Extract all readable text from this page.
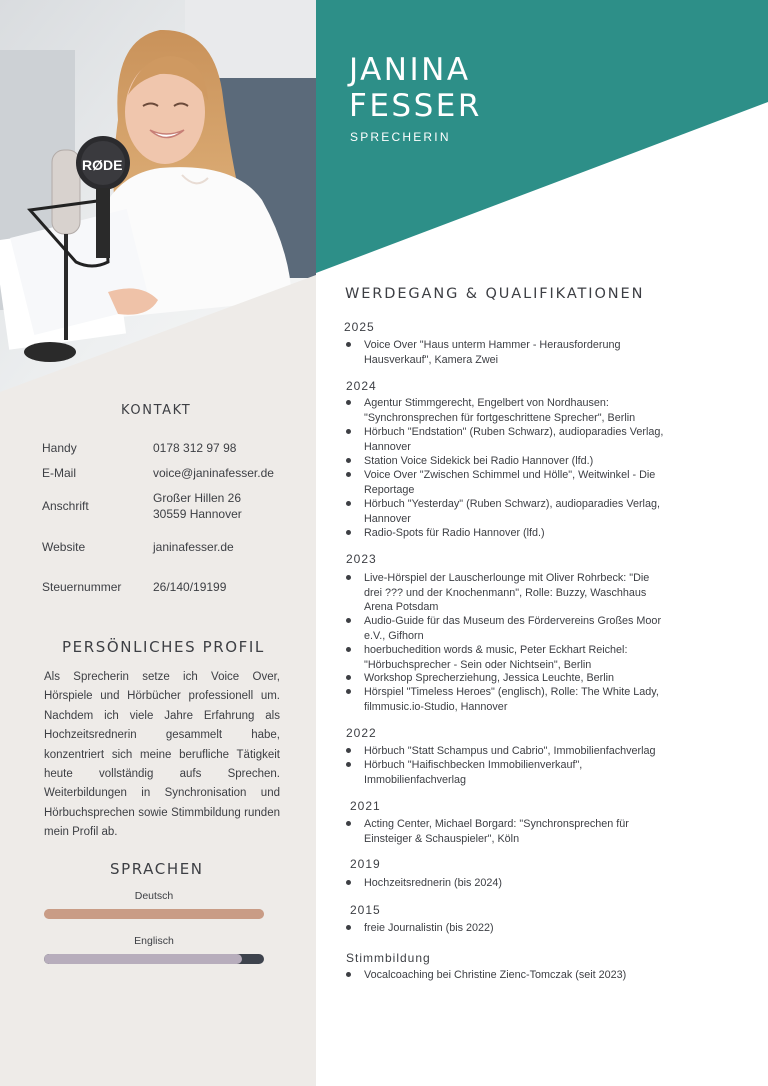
RØDE
JANINA
FESSER
SPRECHERIN
KONTAKT
Handy	0178 312 97 98
E-Mail	voice@janinafesser.de
Anschrift
Großer Hillen 26
30559 Hannover
Website	janinafesser.de
Steuernummer	26/140/19199
PERSÖNLICHES PROFIL
Als Sprecherin setze ich Voice Over, Hörspiele und Hörbücher professionell um. Nachdem ich viele Jahre Erfahrung als Hochzeitsrednerin gesammelt habe, konzentriert sich meine berufliche Tätigkeit heute vollständig aufs Sprechen. Weiterbildungen in Synchronisation und Hörbuchsprechen sowie Stimmbildung runden mein Profil ab.
SPRACHEN
Deutsch
Englisch
WERDEGANG & QUALIFIKATIONEN
2025
Voice Over "Haus unterm Hammer - Herausforderung Hausverkauf", Kamera Zwei
2024
Agentur Stimmgerecht, Engelbert von Nordhausen: "Synchronsprechen für fortgeschrittene Sprecher", Berlin
Hörbuch "Endstation" (Ruben Schwarz), audioparadies Verlag, Hannover
Station Voice Sidekick bei Radio Hannover (lfd.)
Voice Over "Zwischen Schimmel und Hölle", Weitwinkel - Die Reportage
Hörbuch "Yesterday" (Ruben Schwarz), audioparadies Verlag, Hannover
Radio-Spots für Radio Hannover (lfd.)
2023
Live-Hörspiel der Lauscherlounge mit Oliver Rohrbeck: "Die drei ??? und der Knochenmann", Rolle: Buzzy, Waschhaus Arena Potsdam
Audio-Guide für das Museum des Fördervereins Großes Moor e.V., Gifhorn
hoerbuchedition words & music, Peter Eckhart Reichel: "Hörbuchsprecher - Sein oder Nichtsein", Berlin
Workshop Sprecherziehung, Jessica Leuchte, Berlin
Hörspiel "Timeless Heroes" (englisch), Rolle: The White Lady, filmmusic.io-Studio, Hannover
2022
Hörbuch "Statt Schampus und Cabrio", Immobilienfachverlag
Hörbuch "Haifischbecken Immobilienverkauf", Immobilienfachverlag
2021
Acting Center, Michael Borgard: "Synchronsprechen für Einsteiger & Schauspieler", Köln
2019
Hochzeitsrednerin (bis 2024)
2015
freie Journalistin (bis 2022)
Stimmbildung
Vocalcoaching bei Christine Zienc-Tomczak (seit 2023)
